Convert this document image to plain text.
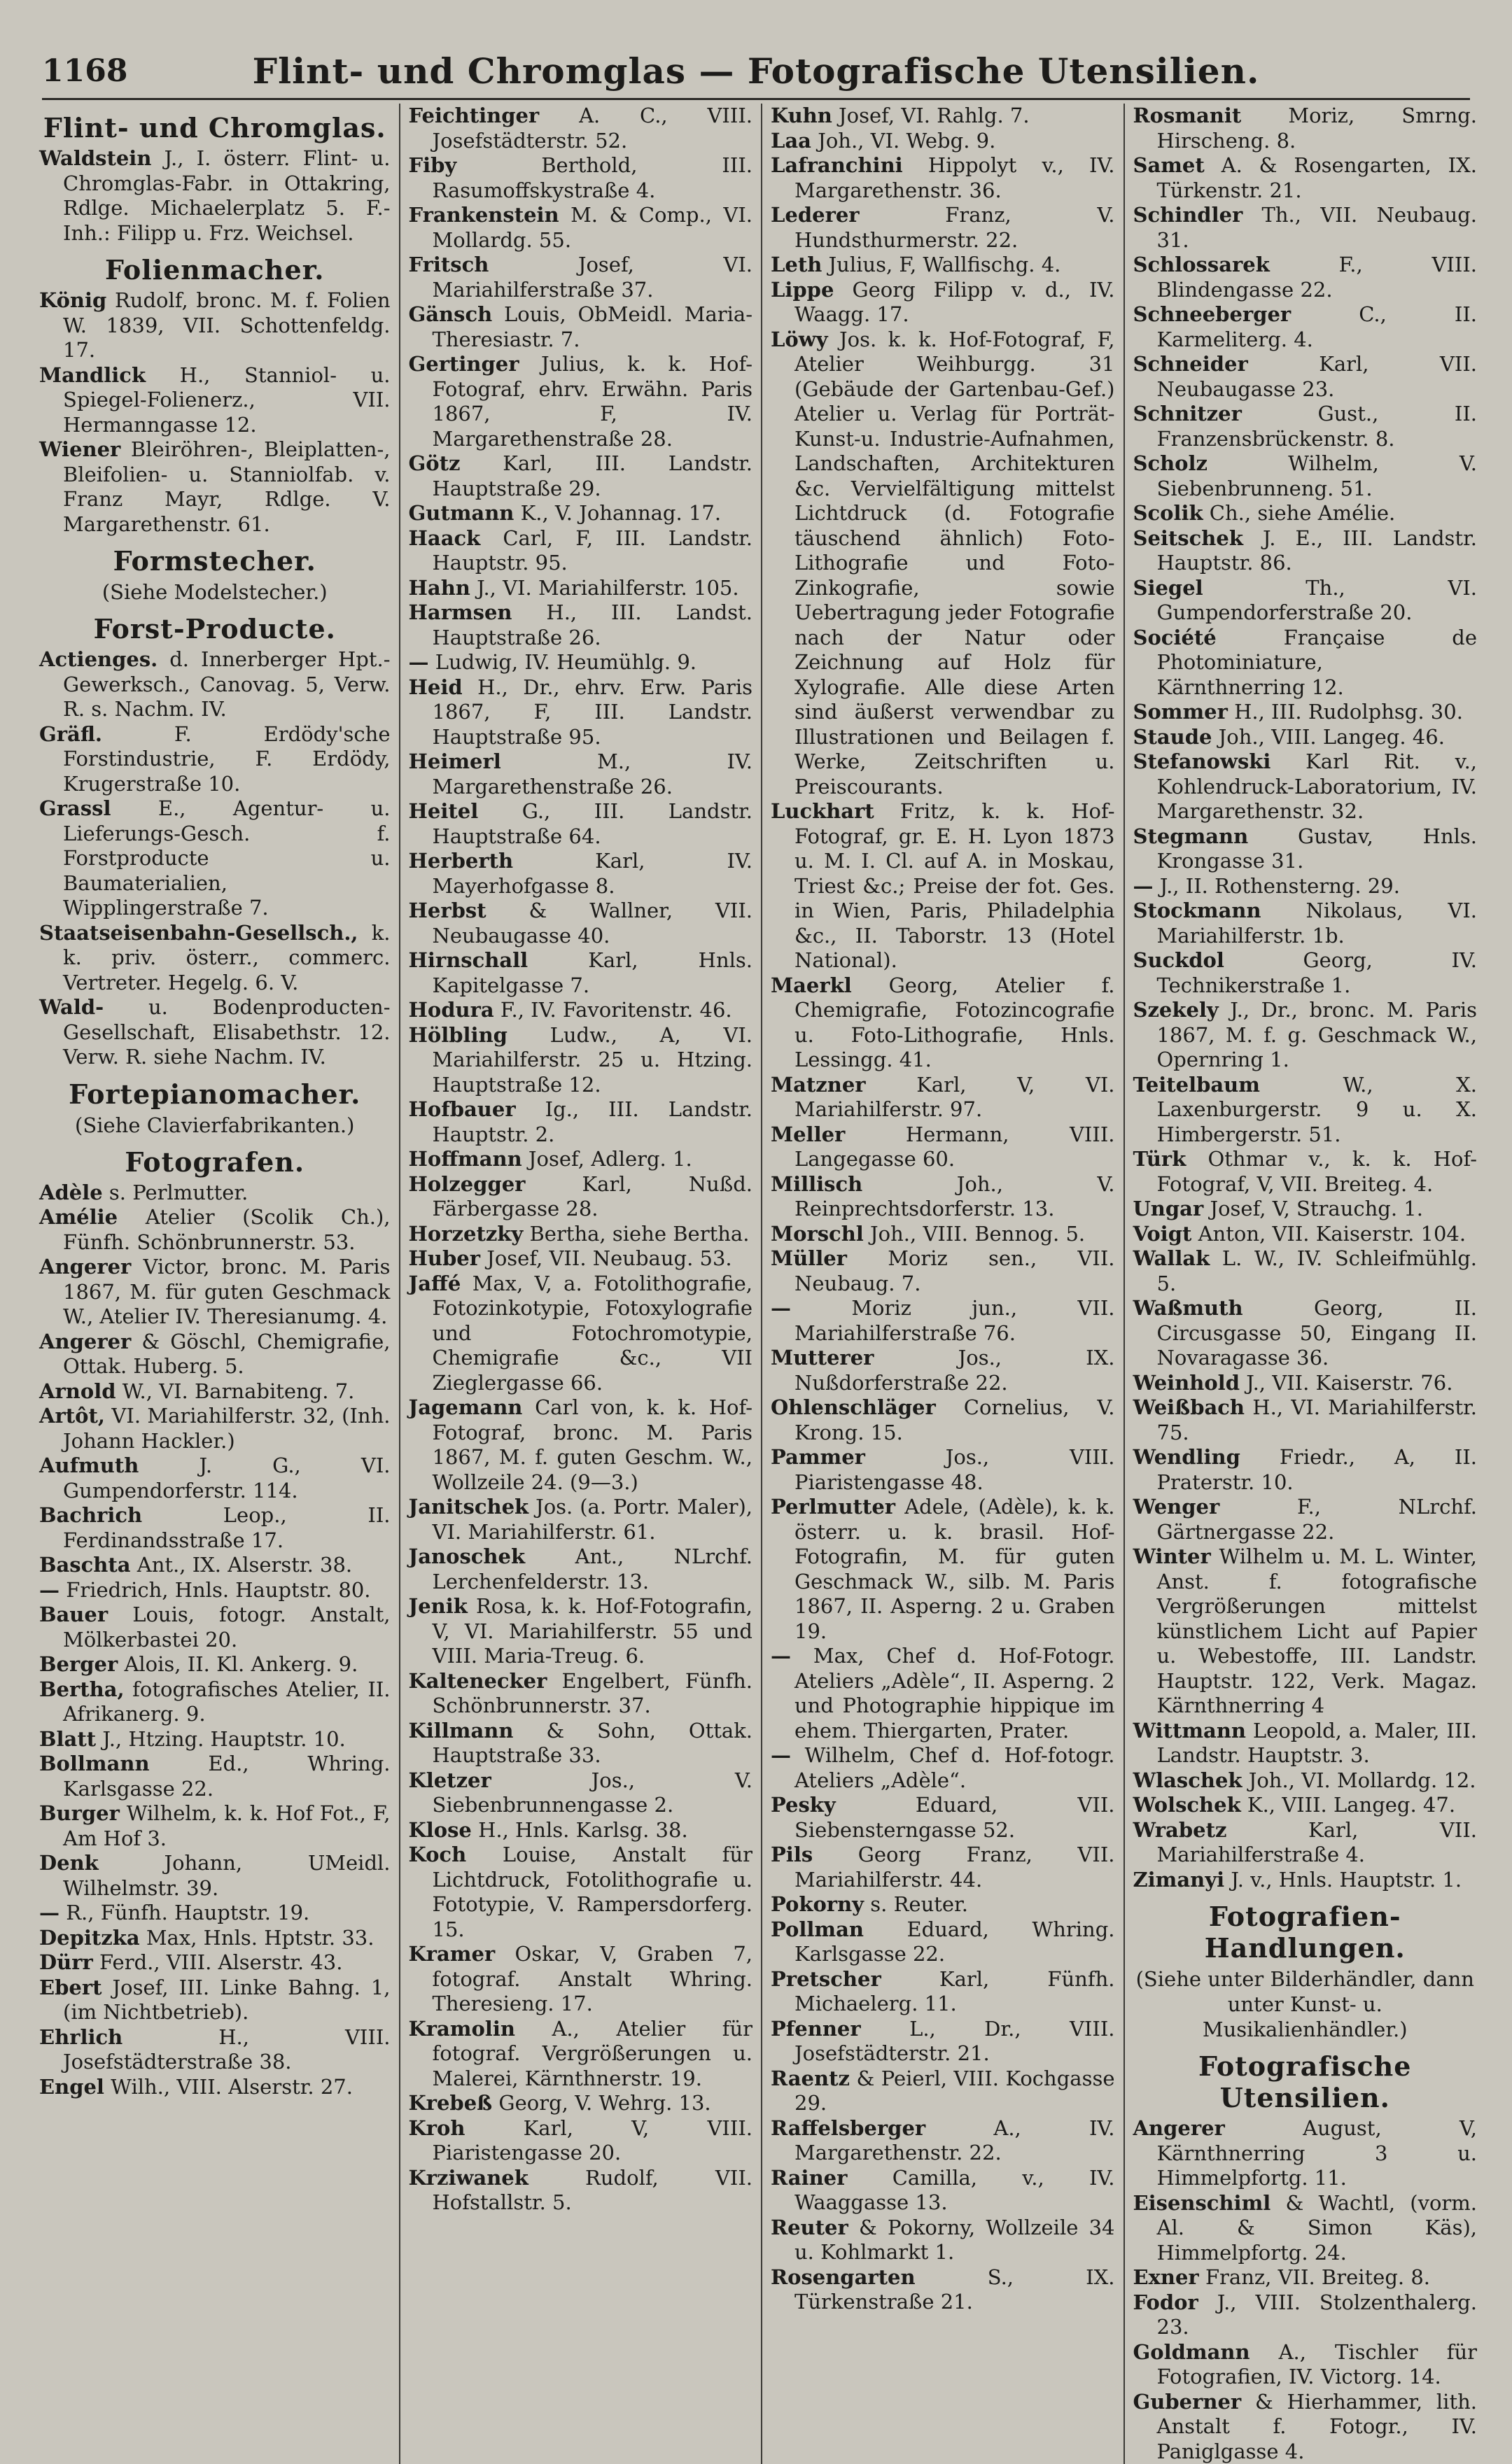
1168	Flint- und Chromglas — Fotografische Utensilien.
Flint- und Chromglas.

Waldstein J., I. österr. Flint- u. Chromglas-Fabr. in Ottakring, Rdlge. Michaelerplatz 5. F.-Inh.: Filipp u. Frz. Weichsel.

Folienmacher.

König Rudolf, bronc. M. f. Folien W. 1839, VII. Schottenfeldg. 17.

Mandlick H., Stanniol- u. Spiegel-Folienerz., VII. Hermanngasse 12.

Wiener Bleiröhren-, Bleiplatten-, Bleifolien- u. Stanniolfab. v. Franz Mayr, Rdlge. V. Margarethenstr. 61.

Formstecher.
(Siehe Modelstecher.)
Forst-Producte.

Actienges. d. Innerberger Hpt.-Gewerksch., Canovag. 5, Verw. R. s. Nachm. IV.

Gräfl.	F. Erdödy'sche Forstindustrie, F. Erdödy, Krugerstraße 10.

Grassl E., Agentur- u. Lieferungs-Gesch. f. Forstproducte u. Baumaterialien, Wipplingerstraße 7.

Staatseisenbahn-Gesellsch., k. k. priv. österr., commerc. Vertreter. Hegelg. 6. V.

Wald- u. Bodenproducten-Gesellschaft, Elisabethstr. 12. Verw. R. siehe Nachm. IV.

Fortepianomacher.
(Siehe Clavierfabrikanten.)
Fotografen.

Adèle s. Perlmutter.

Amélie Atelier (Scolik Ch.), Fünfh. Schönbrunnerstr. 53.

Angerer Victor, bronc. M. Paris 1867, M. für guten Geschmack W., Atelier IV. Theresianumg. 4.

Angerer & Göschl, Chemigrafie, Ottak. Huberg. 5.

Arnold W., VI. Barnabiteng. 7.

Artôt, VI. Mariahilferstr. 32, (Inh. Johann Hackler.)

Aufmuth	J. G., VI. Gumpendorferstr. 114.

Bachrich	Leop., II. Ferdinandsstraße 17.

Baschta Ant., IX. Alserstr. 38.

— Friedrich, Hnls. Hauptstr. 80.

Bauer Louis, fotogr. Anstalt, Mölkerbastei 20.

Berger Alois, II. Kl. Ankerg. 9.

Bertha, fotografisches Atelier, II. Afrikanerg. 9.

Blatt J., Htzing. Hauptstr. 10.

Bollmann	Ed., Whring. Karlsgasse 22.

Burger Wilhelm, k. k. Hof Fot., F, Am Hof 3.

Denk	Johann, UMeidl. Wilhelmstr. 39.

— R., Fünfh. Hauptstr. 19.

Depitzka Max, Hnls. Hptstr. 33.

Dürr Ferd., VIII. Alserstr. 43.

Ebert Josef, III. Linke Bahng. 1, (im Nichtbetrieb).

Ehrlich	H., VIII. Josefstädterstraße 38.

Engel Wilh., VIII. Alserstr. 27.

Feichtinger A. C., VIII. Josefstädterstr. 52.

Fiby	Berthold, III. Rasumoffskystraße 4.

Frankenstein M. & Comp., VI. Mollardg. 55.

Fritsch	Josef, VI. Mariahilferstraße 37.

Gänsch Louis, ObMeidl. Maria-Theresiastr. 7.

Gertinger Julius, k. k. Hof-Fotograf, ehrv. Erwähn. Paris 1867, F, IV. Margarethenstraße 28.

Götz Karl, III. Landstr. Hauptstraße 29.

Gutmann K., V. Johannag. 17.

Haack Carl, F, III. Landstr. Hauptstr. 95.

Hahn J., VI. Mariahilferstr. 105.

Harmsen H., III. Landst. Hauptstraße 26.

— Ludwig, IV. Heumühlg. 9.

Heid H., Dr., ehrv. Erw. Paris 1867, F, III. Landstr. Hauptstraße 95.

Heimerl	M., IV. Margarethenstraße 26.

Heitel G., III. Landstr. Hauptstraße 64.

Herberth	Karl, IV. Mayerhofgasse 8.

Herbst & Wallner, VII. Neubaugasse 40.

Hirnschall	Karl, Hnls. Kapitelgasse 7.

Hodura F., IV. Favoritenstr. 46.

Hölbling Ludw., A, VI. Mariahilferstr. 25 u. Htzing. Hauptstraße 12.

Hofbauer Ig., III. Landstr. Hauptstr. 2.

Hoffmann Josef, Adlerg. 1.

Holzegger	Karl, Nußd. Färbergasse 28.

Horzetzky Bertha, siehe Bertha.

Huber Josef, VII. Neubaug. 53.

Jaffé Max, V, a. Fotolithografie, Fotozinkotypie, Fotoxylografie und Fotochromotypie, Chemigrafie &c., VII Zieglergasse 66.

Jagemann Carl von, k. k. Hof-Fotograf, bronc. M. Paris 1867, M. f. guten Geschm. W., Wollzeile 24. (9—3.)

Janitschek Jos. (a. Portr. Maler), VI. Mariahilferstr. 61.

Janoschek Ant., NLrchf. Lerchenfelderstr. 13.

Jenik Rosa, k. k. Hof-Fotografin, V, VI. Mariahilferstr. 55 und VIII. Maria-Treug. 6.

Kaltenecker Engelbert, Fünfh. Schönbrunnerstr. 37.

Killmann & Sohn, Ottak. Hauptstraße 33.

Kletzer	Jos., V. Siebenbrunnengasse 2.

Klose H., Hnls. Karlsg. 38.

Koch Louise, Anstalt für Lichtdruck, Fotolithografie u. Fototypie, V. Rampersdorferg. 15.

Kramer Oskar, V, Graben 7, fotograf. Anstalt Whring. Theresieng. 17.

Kramolin A., Atelier für fotograf. Vergrößerungen u. Malerei, Kärnthnerstr. 19.

Krebeß Georg, V. Wehrg. 13.

Kroh	Karl, V, VIII. Piaristengasse 20.

Krziwanek	Rudolf, VII. Hofstallstr. 5.

Kuhn Josef, VI. Rahlg. 7.

Laa Joh., VI. Webg. 9.

Lafranchini Hippolyt v., IV. Margarethenstr. 36.

Lederer	Franz, V. Hundsthurmerstr. 22.

Leth Julius, F, Wallfischg. 4.

Lippe Georg Filipp v. d., IV. Waagg. 17.

Löwy Jos. k. k. Hof-Fotograf, F, Atelier Weihburgg. 31 (Gebäude der Gartenbau-Gef.) Atelier u. Verlag für Porträt-Kunst-u. Industrie-Aufnahmen, Landschaften, Architekturen &c. Vervielfältigung mittelst Lichtdruck (d. Fotografie täuschend ähnlich) Foto-Lithografie und Foto-Zinkografie, sowie Uebertragung jeder Fotografie nach der Natur oder Zeichnung auf Holz für Xylografie. Alle diese Arten sind äußerst verwendbar zu Illustrationen und Beilagen f. Werke, Zeitschriften u. Preiscourants.

Luckhart Fritz, k. k. Hof-Fotograf, gr. E. H. Lyon 1873 u. M. I. Cl. auf A. in Moskau, Triest &c.; Preise der fot. Ges. in Wien, Paris, Philadelphia &c., II. Taborstr. 13 (Hotel National).

Maerkl Georg, Atelier f. Chemigrafie, Fotozincografie u. Foto-Lithografie, Hnls. Lessingg. 41.

Matzner	Karl, V, VI. Mariahilferstr. 97.

Meller	Hermann, VIII. Langegasse 60.

Millisch	Joh., V. Reinprechtsdorferstr. 13.

Morschl Joh., VIII. Bennog. 5.

Müller Moriz sen., VII. Neubaug. 7.

—	Moriz jun., VII. Mariahilferstraße 76.

Mutterer	Jos., IX. Nußdorferstraße 22.

Ohlenschläger Cornelius, V. Krong. 15.

Pammer	Jos., VIII. Piaristengasse 48.

Perlmutter Adele, (Adèle), k. k. österr. u. k. brasil. Hof-Fotografin, M. für guten Geschmack W., silb. M. Paris 1867, II. Asperng. 2 u. Graben 19.

— Max, Chef d. Hof-Fotogr. Ateliers „Adèle“, II. Asperng. 2 und Photographie hippique im ehem. Thiergarten, Prater.

— Wilhelm, Chef d. Hof-fotogr. Ateliers „Adèle“.

Pesky	Eduard, VII. Siebensterngasse 52.

Pils Georg Franz, VII. Mariahilferstr. 44.

Pokorny s. Reuter.

Pollman Eduard, Whring. Karlsgasse 22.

Pretscher	Karl, Fünfh. Michaelerg. 11.

Pfenner L., Dr., VIII. Josefstädterstr. 21.

Raentz & Peierl, VIII. Kochgasse 29.

Raffelsberger	A., IV. Margarethenstr. 22.

Rainer Camilla, v., IV. Waaggasse 13.

Reuter & Pokorny, Wollzeile 34 u. Kohlmarkt 1.

Rosengarten	S., IX. Türkenstraße 21.

Rosmanit Moriz, Smrng. Hirscheng. 8.

Samet A. & Rosengarten, IX. Türkenstr. 21.

Schindler Th., VII. Neubaug. 31.

Schlossarek	F., VIII. Blindengasse 22.

Schneeberger	C., II. Karmeliterg. 4.

Schneider	Karl, VII. Neubaugasse 23.

Schnitzer	Gust., II. Franzensbrückenstr. 8.

Scholz	Wilhelm, V. Siebenbrunneng. 51.

Scolik Ch., siehe Amélie.

Seitschek J. E., III. Landstr. Hauptstr. 86.

Siegel	Th., VI. Gumpendorferstraße 20.

Société	Française de Photominiature, Kärnthnerring 12.

Sommer H., III. Rudolphsg. 30.

Staude Joh., VIII. Langeg. 46.

Stefanowski Karl Rit. v., Kohlendruck-Laboratorium, IV. Margarethenstr. 32.

Stegmann Gustav, Hnls. Krongasse 31.

— J., II. Rothensterng. 29.

Stockmann Nikolaus, VI. Mariahilferstr. 1b.

Suckdol	Georg, IV. Technikerstraße 1.

Szekely J., Dr., bronc. M. Paris 1867, M. f. g. Geschmack W., Opernring 1.

Teitelbaum	W., X. Laxenburgerstr. 9 u. X. Himbergerstr. 51.

Türk Othmar v., k. k. Hof-Fotograf, V, VII. Breiteg. 4.

Ungar Josef, V, Strauchg. 1.

Voigt Anton, VII. Kaiserstr. 104.

Wallak L. W., IV. Schleifmühlg. 5.

Waßmuth	Georg, II. Circusgasse 50, Eingang II. Novaragasse 36.

Weinhold J., VII. Kaiserstr. 76.

Weißbach H., VI. Mariahilferstr. 75.

Wendling Friedr., A, II. Praterstr. 10.

Wenger	F., NLrchf. Gärtnergasse 22.

Winter Wilhelm u. M. L. Winter, Anst. f. fotografische Vergrößerungen mittelst künstlichem Licht auf Papier u. Webestoffe, III. Landstr. Hauptstr. 122, Verk. Magaz. Kärnthnerring 4

Wittmann Leopold, a. Maler, III. Landstr. Hauptstr. 3.

Wlaschek Joh., VI. Mollardg. 12.

Wolschek K., VIII. Langeg. 47.

Wrabetz	Karl, VII. Mariahilferstraße 4.

Zimanyi J. v., Hnls. Hauptstr. 1.

Fotografien-Handlungen.
(Siehe unter Bilderhändler, dann unter Kunst- u. Musikalienhändler.)
Fotografische Utensilien.

Angerer	August, V, Kärnthnerring 3 u. Himmelpfortg. 11.

Eisenschiml & Wachtl, (vorm. Al. & Simon Käs), Himmelpfortg. 24.

Exner Franz, VII. Breiteg. 8.

Fodor J., VIII. Stolzenthalerg. 23.

Goldmann A., Tischler für Fotografien, IV. Victorg. 14.

Guberner & Hierhammer, lith. Anstalt f. Fotogr., IV. Paniglgasse 4.
